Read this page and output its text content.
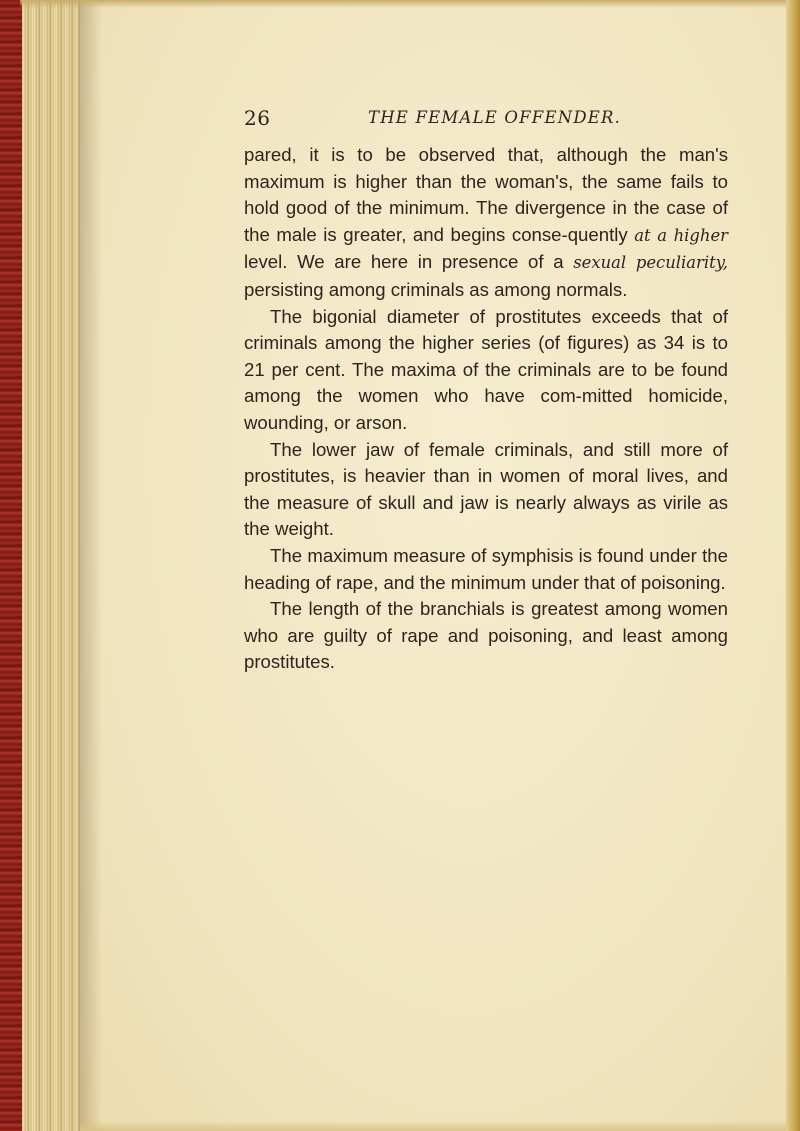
26	THE FEMALE OFFENDER.

pared, it is to be observed that, although the man's maximum is higher than the woman's, the same fails to hold good of the minimum. The divergence in the case of the male is greater, and begins conse-quently at a higher level. We are here in presence of a sexual peculiarity, persisting among criminals as among normals.

The bigonial diameter of prostitutes exceeds that of criminals among the higher series (of figures) as 34 is to 21 per cent. The maxima of the criminals are to be found among the women who have com-mitted homicide, wounding, or arson.

The lower jaw of female criminals, and still more of prostitutes, is heavier than in women of moral lives, and the measure of skull and jaw is nearly always as virile as the weight.

The maximum measure of symphisis is found under the heading of rape, and the minimum under that of poisoning.

The length of the branchials is greatest among women who are guilty of rape and poisoning, and least among prostitutes.
